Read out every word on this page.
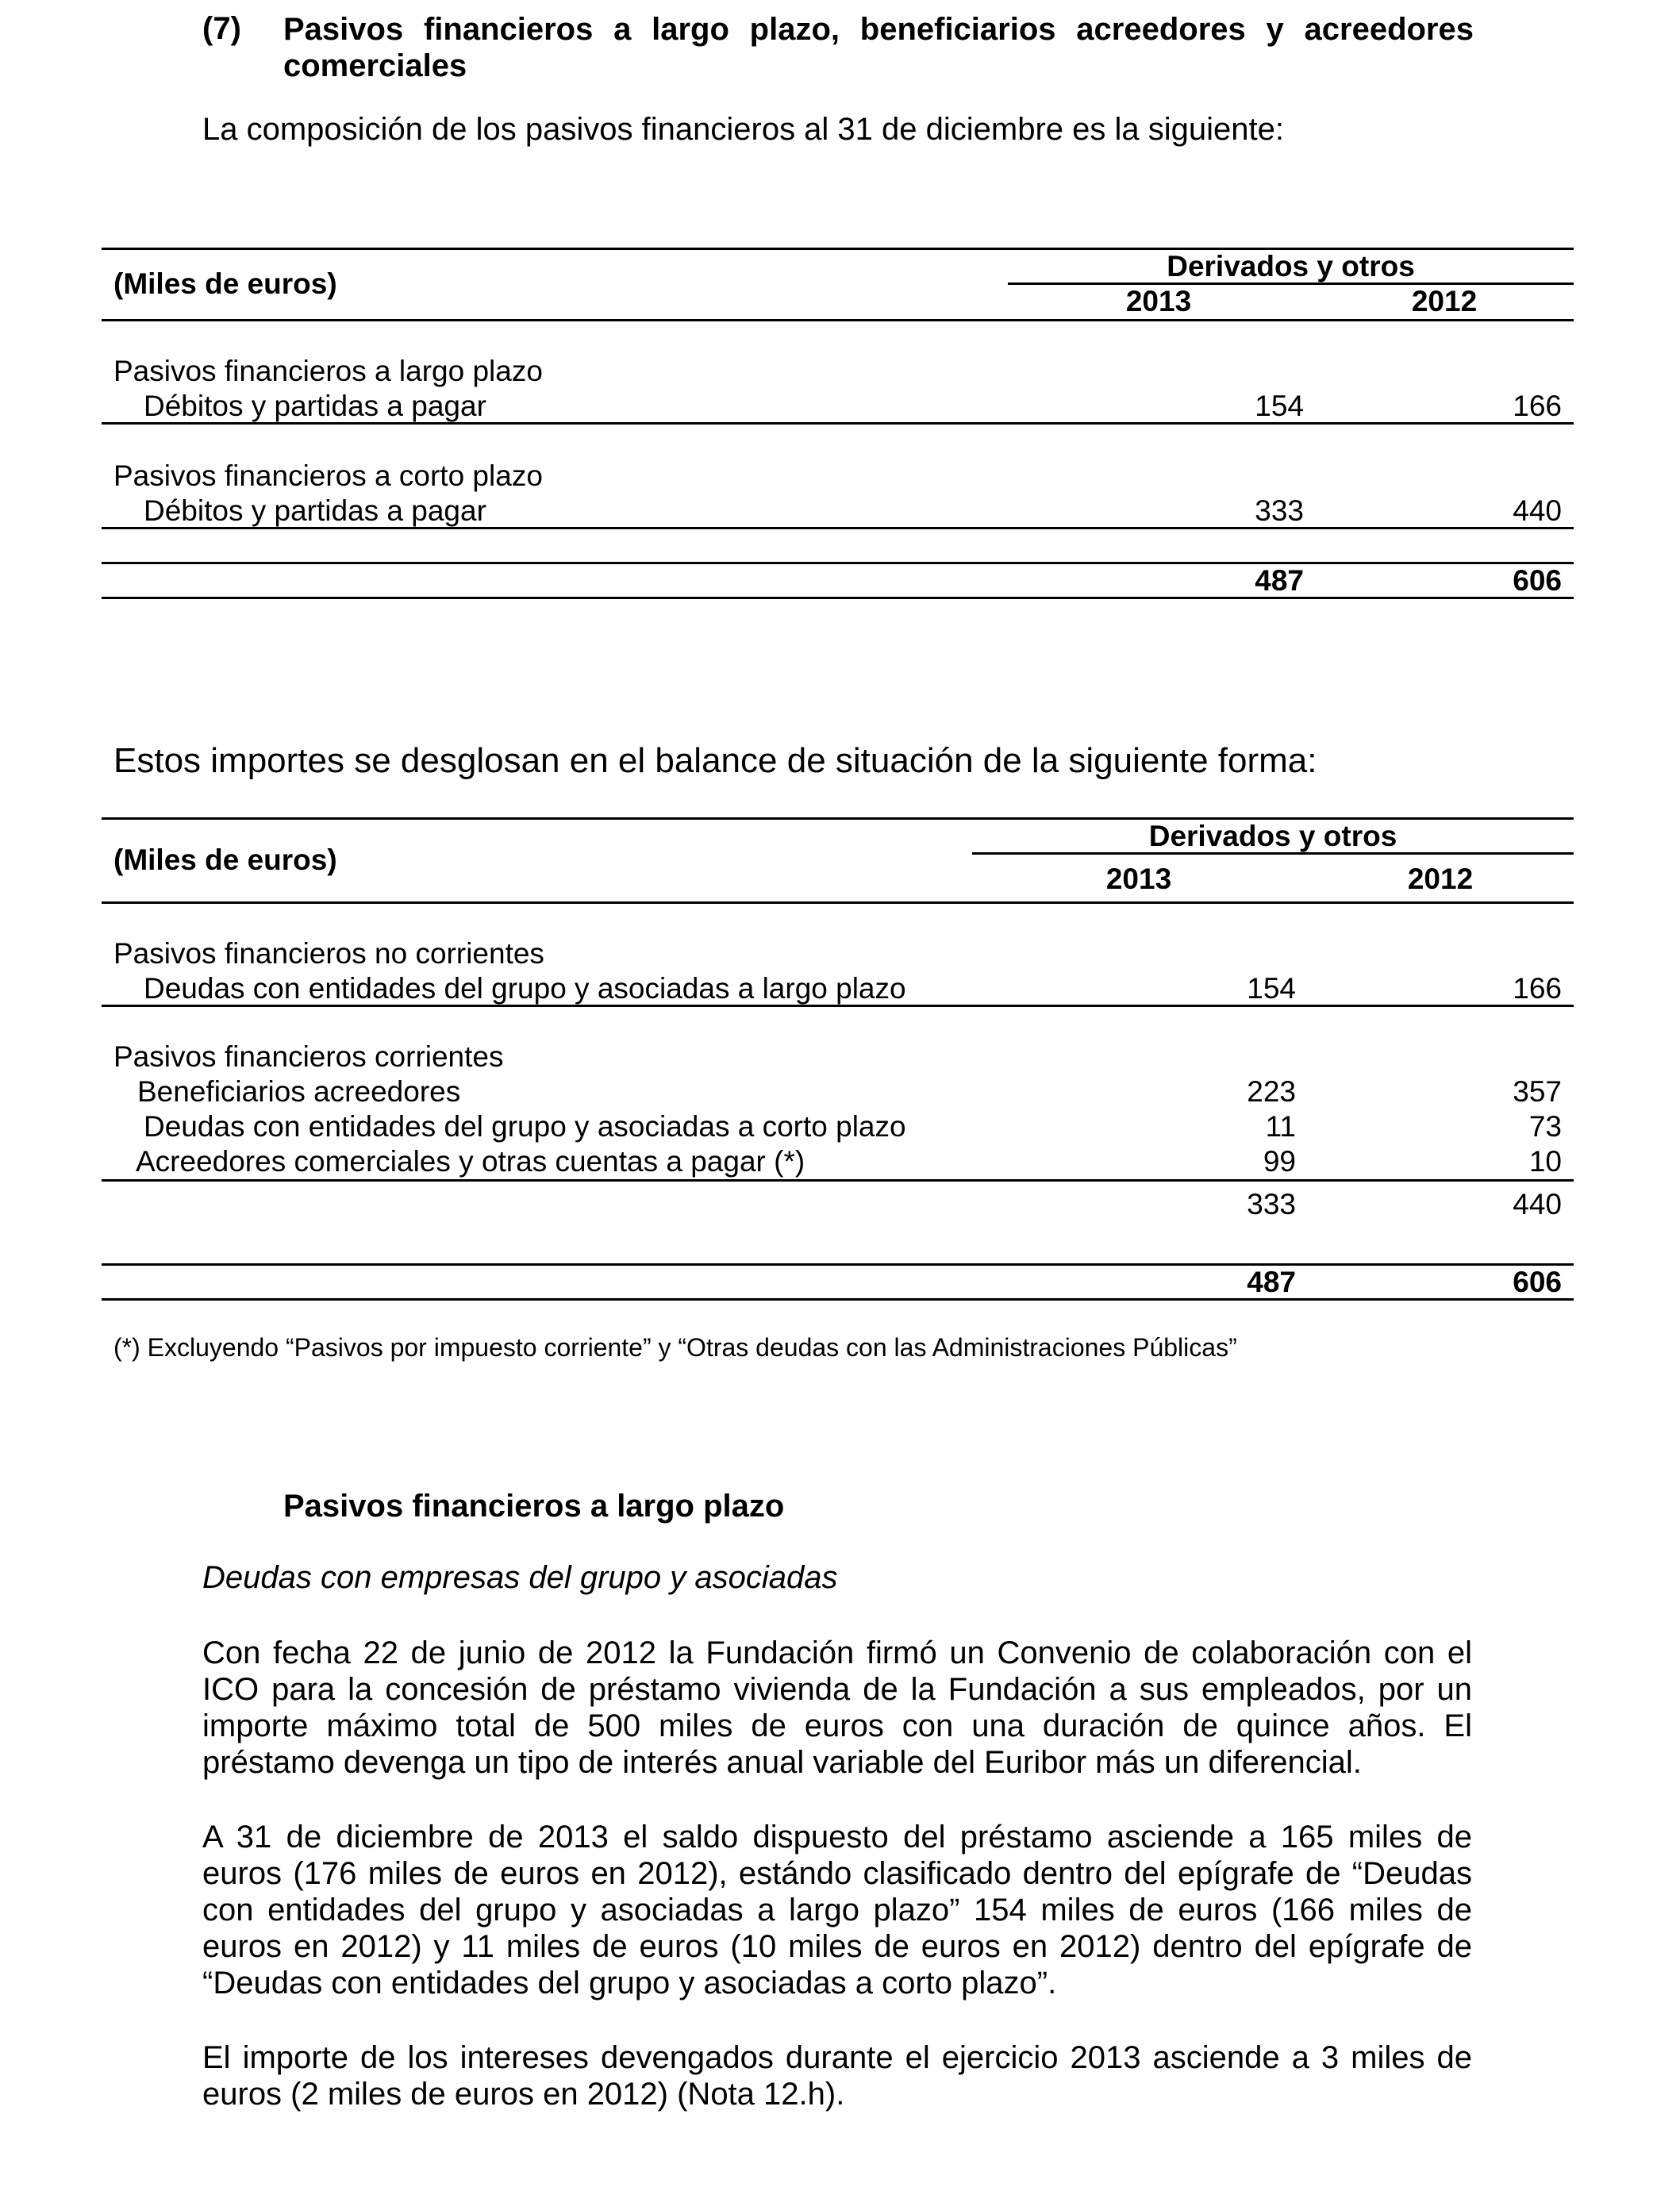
(7) Pasivos financieros a largo plazo, beneficiarios acreedores y acreedores comerciales
La composición de los pasivos financieros al 31 de diciembre es la siguiente:
(Miles de euros)
Derivados y otros
2013	2012
Pasivos financieros a largo plazo
Débitos y partidas a pagar	154	166
Pasivos financieros a corto plazo
Débitos y partidas a pagar	333	440
487	606
Estos importes se desglosan en el balance de situación de la siguiente forma:
(Miles de euros)
Derivados y otros
2013	2012
Pasivos financieros no corrientes
Deudas con entidades del grupo y asociadas a largo plazo	154	166
Pasivos financieros corrientes
Beneficiarios acreedores	223	357
Deudas con entidades del grupo y asociadas a corto plazo	11	73
Acreedores comerciales y otras cuentas a pagar (*)	99	10
333	440
487	606
(*) Excluyendo “Pasivos por impuesto corriente” y “Otras deudas con las Administraciones Públicas”
Pasivos financieros a largo plazo
Deudas con empresas del grupo y asociadas
Con fecha 22 de junio de 2012 la Fundación firmó un Convenio de colaboración con el ICO para la concesión de préstamo vivienda de la Fundación a sus empleados, por un importe máximo total de 500 miles de euros con una duración de quince años. El préstamo devenga un tipo de interés anual variable del Euribor más un diferencial.
A 31 de diciembre de 2013 el saldo dispuesto del préstamo asciende a 165 miles de euros (176 miles de euros en 2012), estándo clasificado dentro del epígrafe de “Deudas con entidades del grupo y asociadas a largo plazo” 154 miles de euros (166 miles de euros en 2012) y 11 miles de euros (10 miles de euros en 2012) dentro del epígrafe de “Deudas con entidades del grupo y asociadas a corto plazo”.
El importe de los intereses devengados durante el ejercicio 2013 asciende a 3 miles de euros (2 miles de euros en 2012) (Nota 12.h).
